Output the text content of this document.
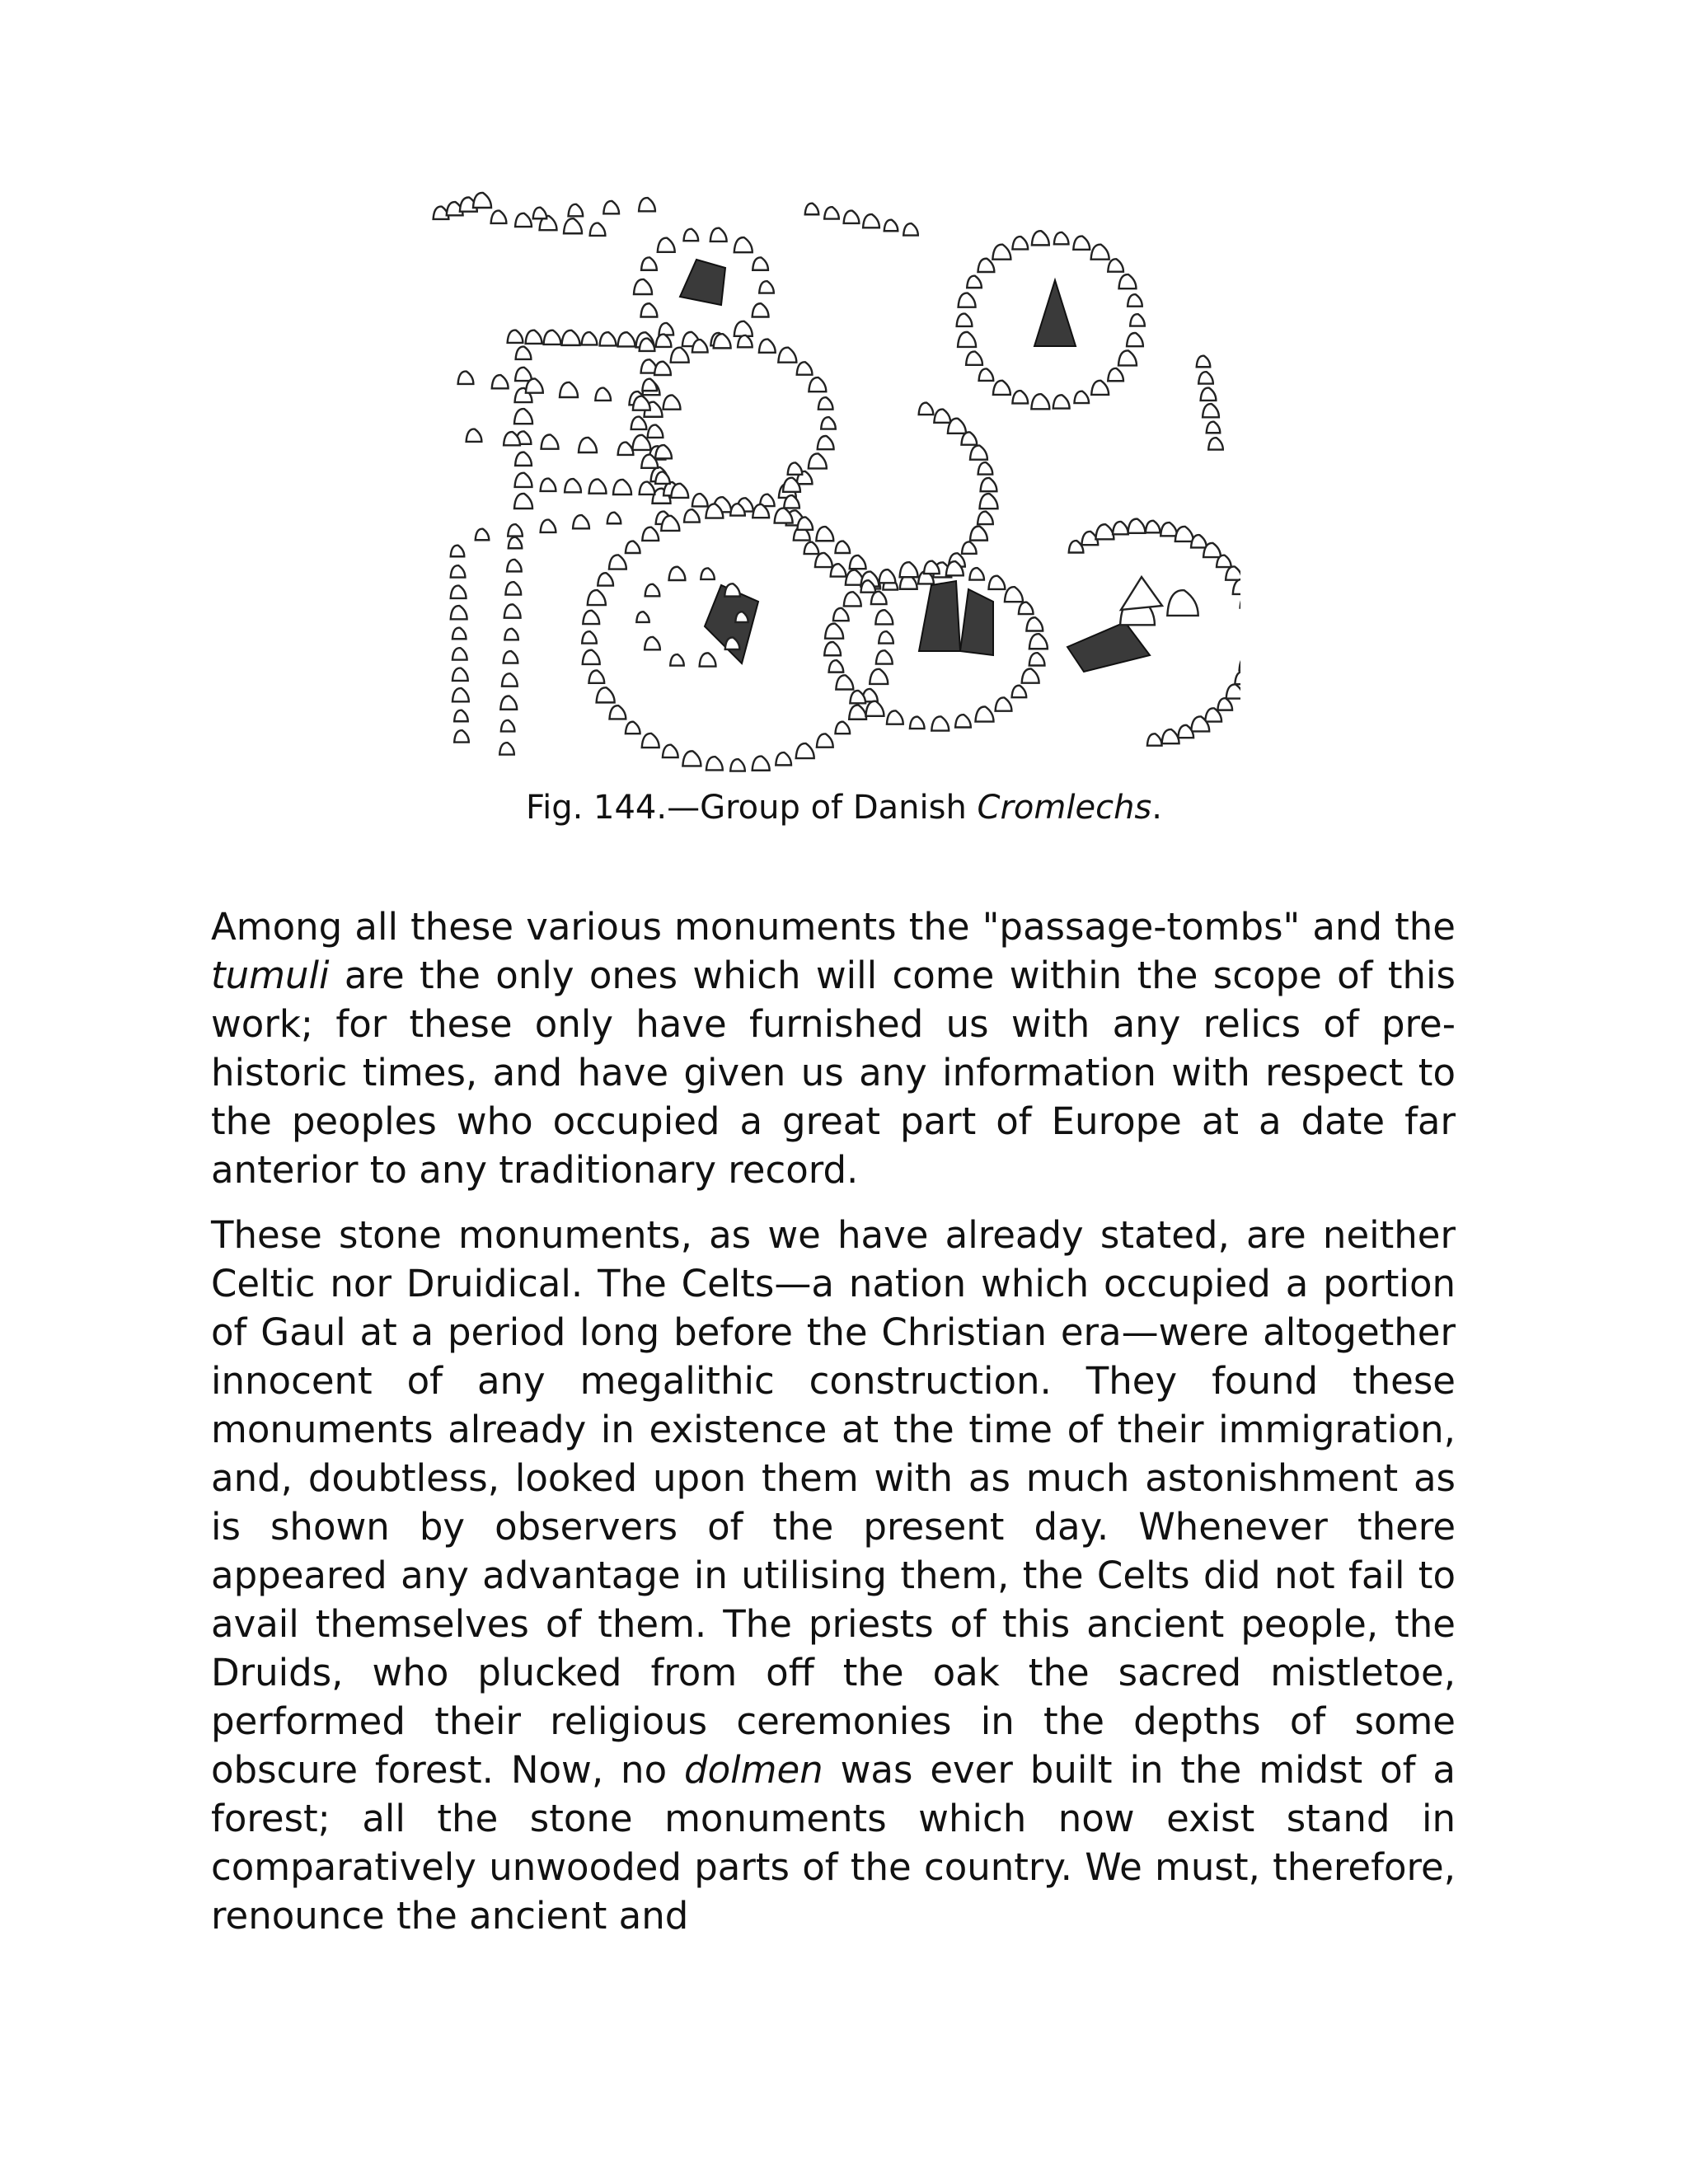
Fig. 144.—Group of Danish Cromlechs.

Among all these various monuments the "passage-tombs" and the tumuli are the only ones which will come within the scope of this work; for these only have furnished us with any relics of pre-historic times, and have given us any information with respect to the peoples who occupied a great part of Europe at a date far anterior to any traditionary record.

These stone monuments, as we have already stated, are neither Celtic nor Druidical. The Celts—a nation which occupied a portion of Gaul at a period long before the Christian era—were altogether innocent of any megalithic construction. They found these monuments already in existence at the time of their immigration, and, doubtless, looked upon them with as much astonishment as is shown by observers of the present day. Whenever there appeared any advantage in utilising them, the Celts did not fail to avail themselves of them. The priests of this ancient people, the Druids, who plucked from off the oak the sacred mistletoe, performed their religious ceremonies in the depths of some obscure forest. Now, no dolmen was ever built in the midst of a forest; all the stone monuments which now exist stand in comparatively unwooded parts of the country. We must, therefore, renounce the ancient and
